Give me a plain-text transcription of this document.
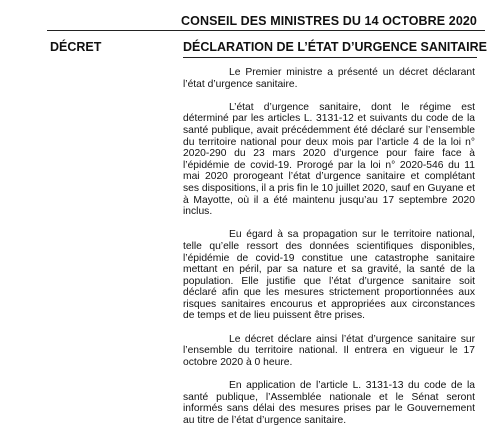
CONSEIL DES MINISTRES DU 14 OCTOBRE 2020
DÉCRET	DÉCLARATION DE L’ÉTAT D’URGENCE SANITAIRE

Le Premier ministre a présenté un décret déclarant l’état d’urgence sanitaire.

L’état d’urgence sanitaire, dont le régime est déterminé par les articles L. 3131-12 et suivants du code de la santé publique, avait précédemment été déclaré sur l’ensemble du territoire national pour deux mois par l’article 4 de la loi n° 2020-290 du 23 mars 2020 d’urgence pour faire face à l’épidémie de covid-19. Prorogé par la loi n° 2020-546 du 11 mai 2020 prorogeant l’état d’urgence sanitaire et complétant ses dispositions, il a pris fin le 10 juillet 2020, sauf en Guyane et à Mayotte, où il a été maintenu jusqu’au 17 septembre 2020 inclus.

Eu égard à sa propagation sur le territoire national, telle qu’elle ressort des données scientifiques disponibles, l’épidémie de covid-19 constitue une catastrophe sanitaire mettant en péril, par sa nature et sa gravité, la santé de la population. Elle justifie que l’état d’urgence sanitaire soit déclaré afin que les mesures strictement proportionnées aux risques sanitaires encourus et appropriées aux circonstances de temps et de lieu puissent être prises.

Le décret déclare ainsi l’état d’urgence sanitaire sur l’ensemble du territoire national. Il entrera en vigueur le 17 octobre 2020 à 0 heure.

En application de l’article L. 3131-13 du code de la santé publique, l’Assemblée nationale et le Sénat seront informés sans délai des mesures prises par le Gouvernement au titre de l’état d’urgence sanitaire.
